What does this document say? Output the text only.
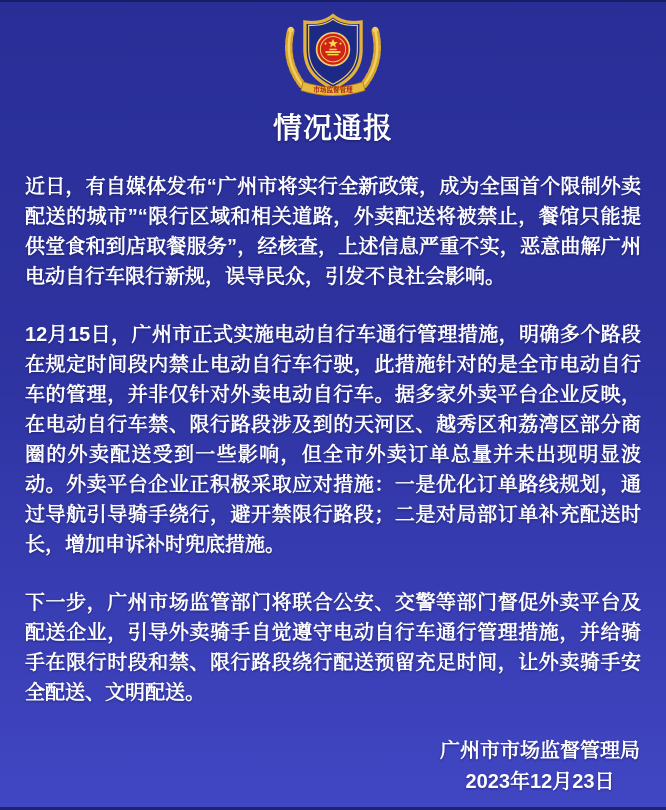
市场监督管理
情况通报

近日，有自媒体发布“广州市将实行全新政策，成为全国首个限制外卖配送的城市”“限行区域和相关道路，外卖配送将被禁止，餐馆只能提供堂食和到店取餐服务”，经核查，上述信息严重不实，恶意曲解广州电动自行车限行新规，误导民众，引发不良社会影响。

12月15日，广州市正式实施电动自行车通行管理措施，明确多个路段在规定时间段内禁止电动自行车行驶，此措施针对的是全市电动自行车的管理，并非仅针对外卖电动自行车。据多家外卖平台企业反映，在电动自行车禁、限行路段涉及到的天河区、越秀区和荔湾区部分商圈的外卖配送受到一些影响，但全市外卖订单总量并未出现明显波动。外卖平台企业正积极采取应对措施：一是优化订单路线规划，通过导航引导骑手绕行，避开禁限行路段；二是对局部订单补充配送时长，增加申诉补时兜底措施。

下一步，广州市场监管部门将联合公安、交警等部门督促外卖平台及配送企业，引导外卖骑手自觉遵守电动自行车通行管理措施，并给骑手在限行时段和禁、限行路段绕行配送预留充足时间，让外卖骑手安全配送、文明配送。

广州市市场监督管理局
2023年12月23日
